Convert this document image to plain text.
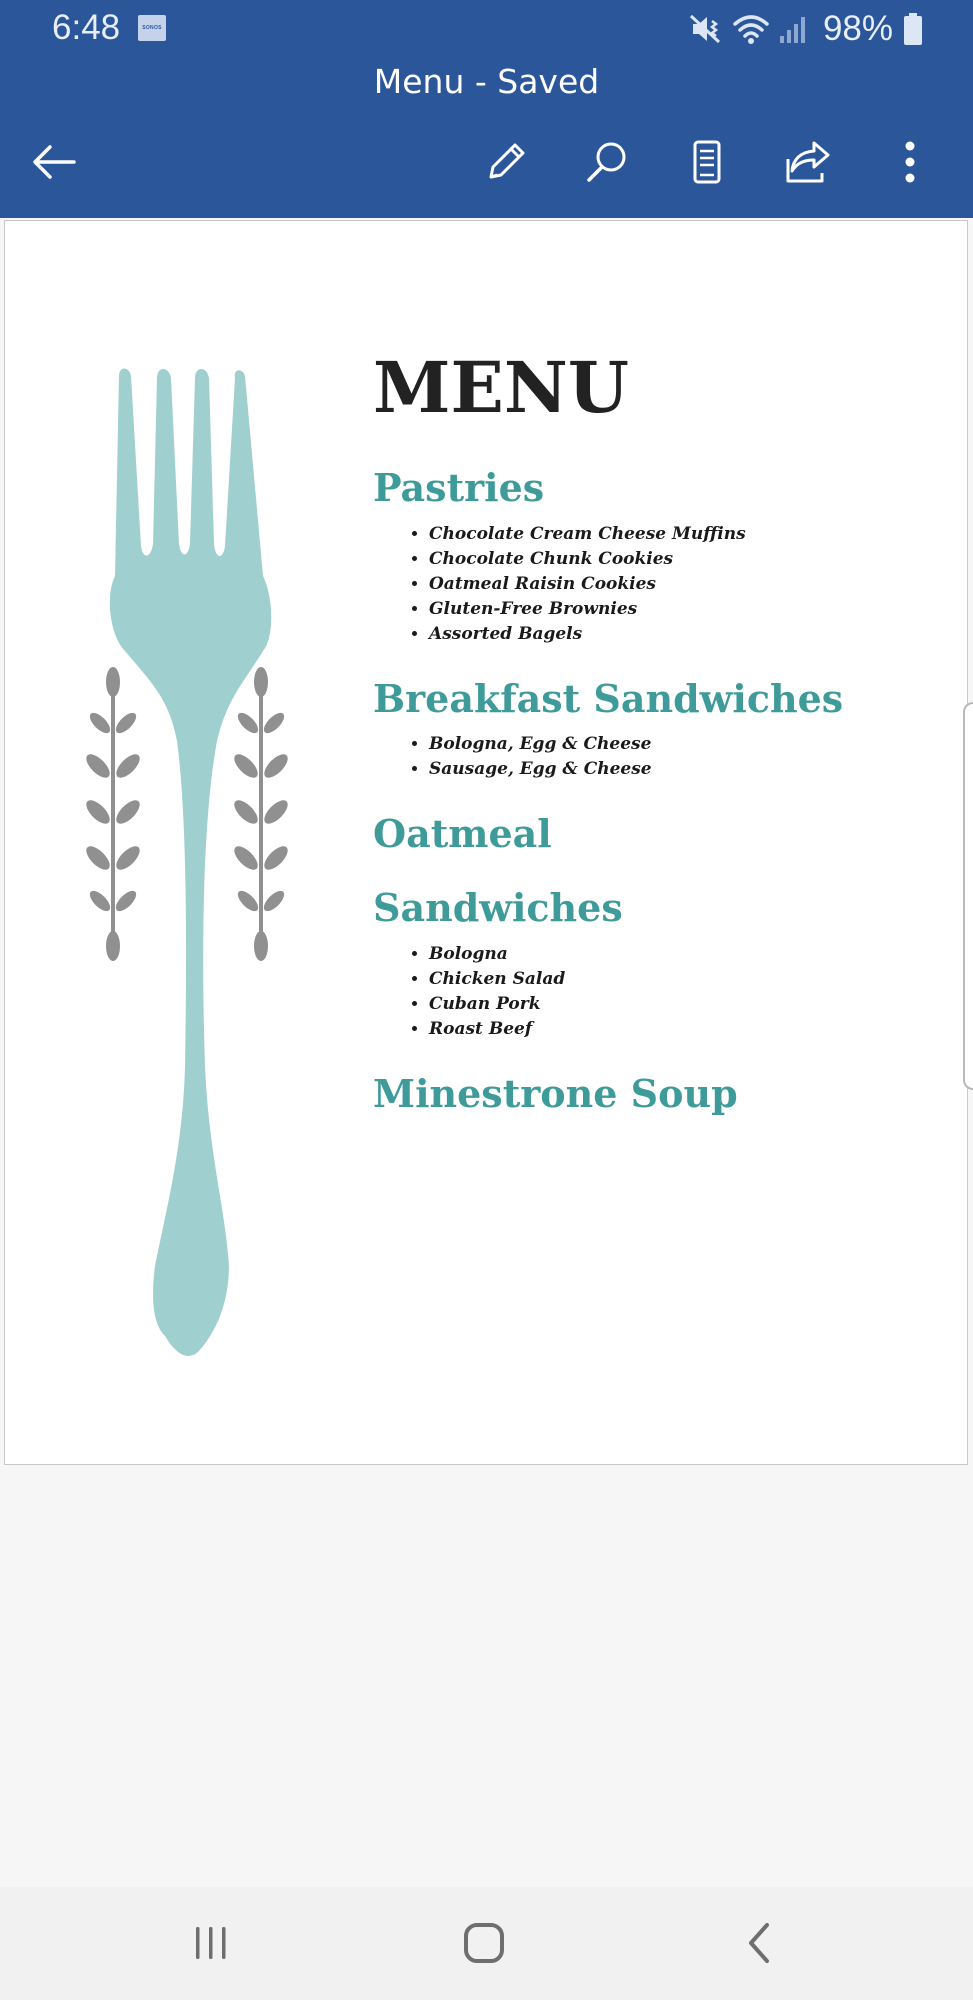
6:48	SONOS	98%
Menu - Saved
MENU
Pastries
• Chocolate Cream Cheese Muffins
• Chocolate Chunk Cookies
• Oatmeal Raisin Cookies
• Gluten-Free Brownies
• Assorted Bagels
Breakfast Sandwiches
• Bologna, Egg & Cheese
• Sausage, Egg & Cheese
Oatmeal
Sandwiches
• Bologna
• Chicken Salad
• Cuban Pork
• Roast Beef
Minestrone Soup
